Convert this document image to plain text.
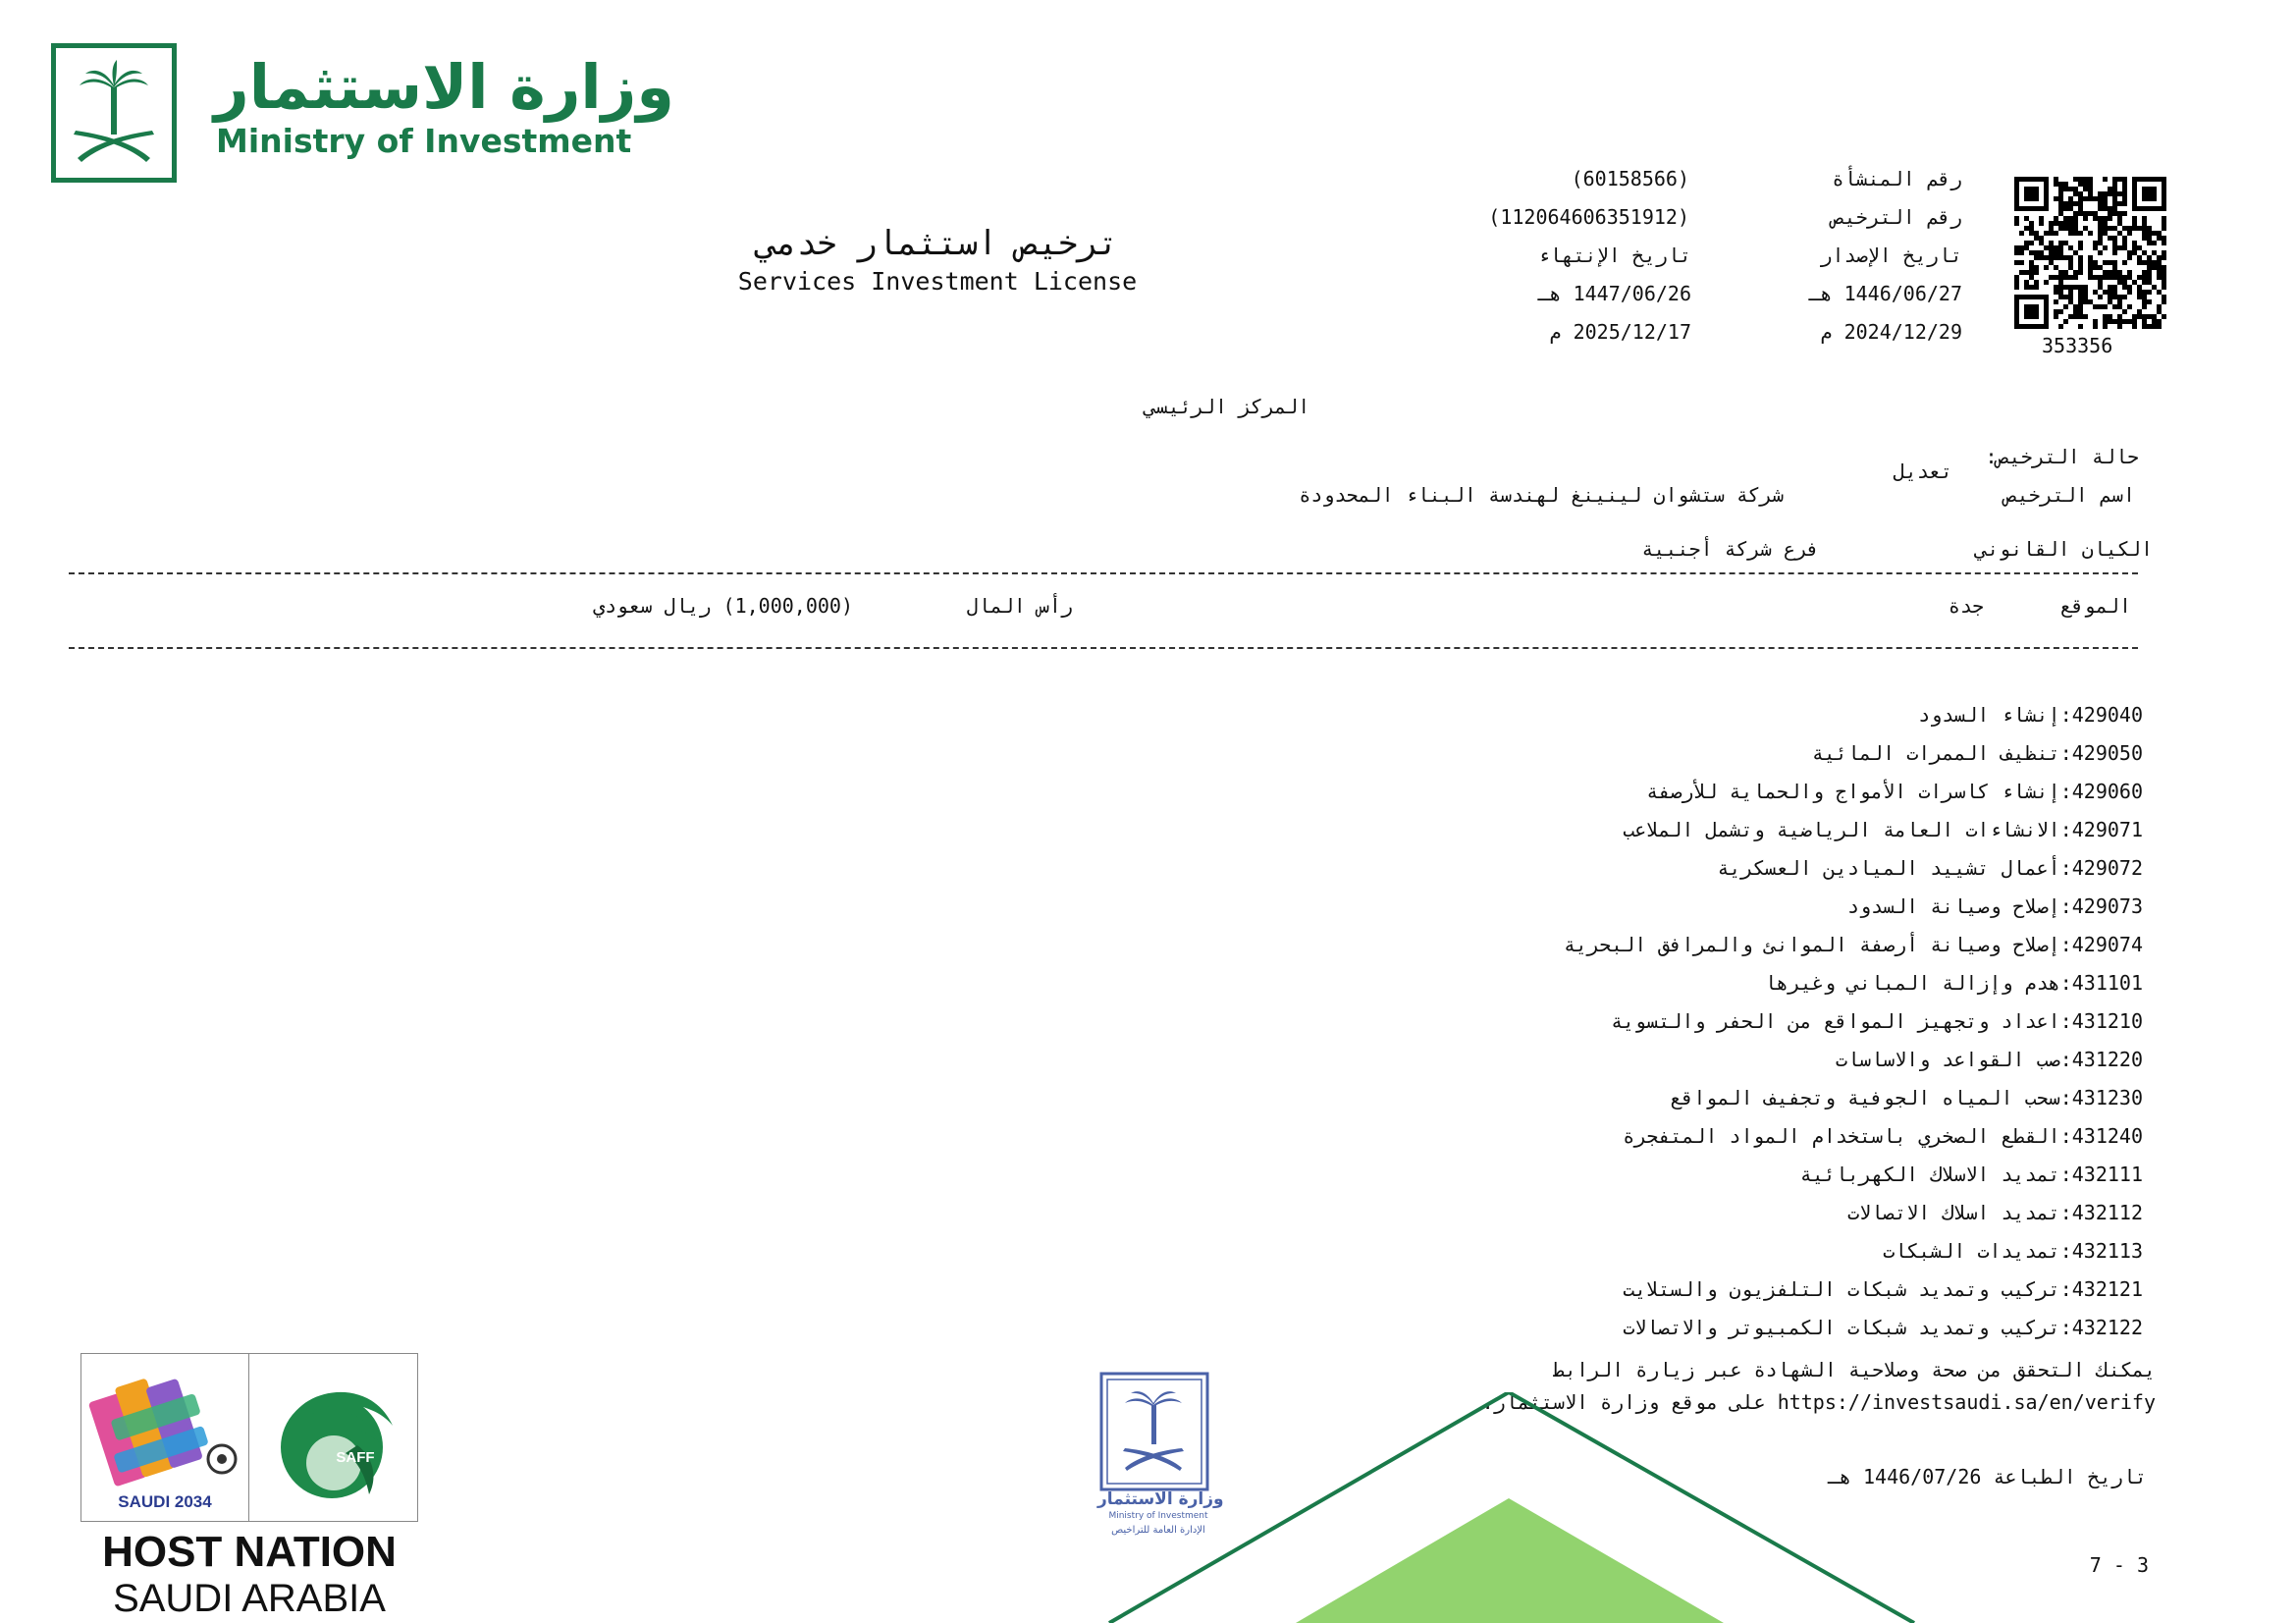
وزارة الاستثمار
Ministry of Investment
ترخيص استثمار خدمي
Services Investment License
رقم المنشأة
(60158566)
رقم الترخيص
(112064606351912)
تاريخ الإصدار
تاريخ الإنتهاء
1446/06/27 هـ
1447/06/26 هـ
2024/12/29 م
2025/12/17 م
353356
المركز الرئيسي
حالة الترخيص:
تعديل
اسم الترخيص
شركة ستشوان لينينغ لهندسة البناء المحدودة
الكيان القانوني
فرع شركة أجنبية
الموقع
جدة
رأس المال
(1,000,000) ريال سعودي
429040:إنشاء السدود
429050:تنظيف الممرات المائية
429060:إنشاء كاسرات الأمواج والحماية للأرصفة
429071:الانشاءات العامة الرياضية وتشمل الملاعب
429072:أعمال تشييد الميادين العسكرية
429073:إصلاح وصيانة السدود
429074:إصلاح وصيانة أرصفة الموانئ والمرافق البحرية
431101:هدم وإزالة المباني وغيرها
431210:اعداد وتجهيز المواقع من الحفر والتسوية
431220:صب القواعد والاساسات
431230:سحب المياه الجوفية وتجفيف المواقع
431240:القطع الصخري باستخدام المواد المتفجرة
432111:تمديد الاسلاك الكهربائية
432112:تمديد اسلاك الاتصالات
432113:تمديدات الشبكات
432121:تركيب وتمديد شبكات التلفزيون والستلايت
432122:تركيب وتمديد شبكات الكمبيوتر والاتصالات
يمكنك التحقق من صحة وصلاحية الشهادة عبر زيارة الرابط
https://investsaudi.sa/en/verify على موقع وزارة الاستثمار.
تاريخ الطباعة 1446/07/26 هـ
7 - 3
وزارة الاستثمار
Ministry of Investment
الإدارة العامة للتراخيص
SAUDI 2034
SAFF
HOST NATION
SAUDI ARABIA
